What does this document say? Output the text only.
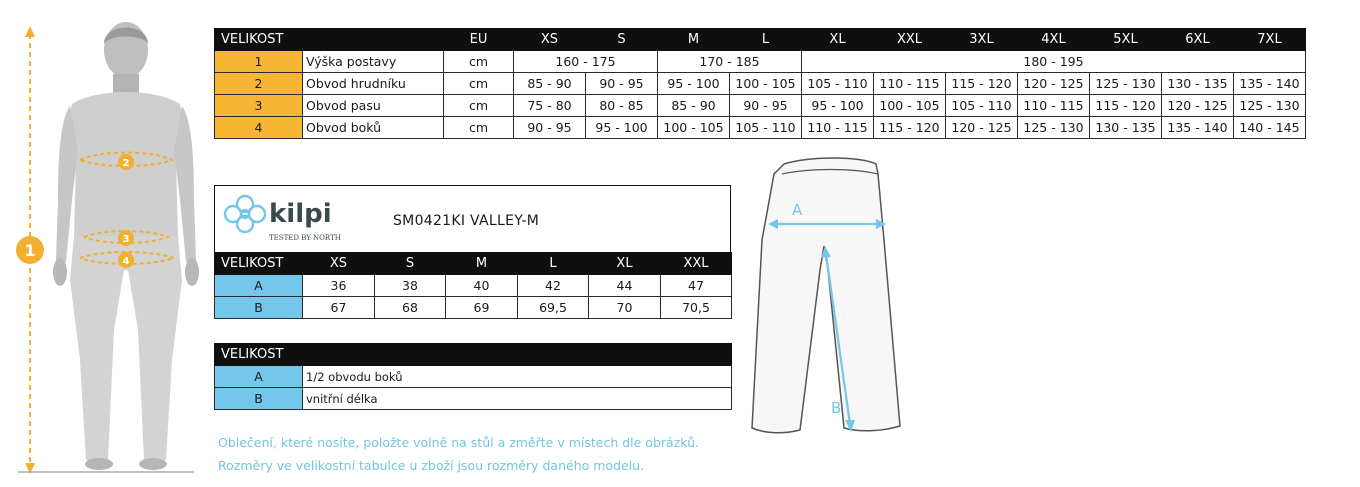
1
2
3
4
VELIKOST		EU	XS	S	M	L	XL	XXL	3XL	4XL	5XL	6XL	7XL
1	Výška postavy	cm	160 - 175		170 - 185		180 - 195						
2	Obvod hrudníku	cm	85 - 90	90 - 95	95 - 100	100 - 105	105 - 110	110 - 115	115 - 120	120 - 125	125 - 130	130 - 135	135 - 140
3	Obvod pasu	cm	75 - 80	80 - 85	85 - 90	90 - 95	95 - 100	100 - 105	105 - 110	110 - 115	115 - 120	120 - 125	125 - 130
4	Obvod boků	cm	90 - 95	95 - 100	100 - 105	105 - 110	110 - 115	115 - 120	120 - 125	125 - 130	130 - 135	135 - 140	140 - 145
kilpi
TESTED BY NORTH
SM0421KI VALLEY-M
VELIKOST	XS	S	M	L	XL	XXL
A	36	38	40	42	44	47
B	67	68	69	69,5	70	70,5
VELIKOST	
A	1/2 obvodu boků
B	vnitřní délka
A
B
Oblečení, které nosíte, položte volně na stůl a změřte v místech dle obrázků.
Rozměry ve velikostní tabulce u zboží jsou rozměry daného modelu.
